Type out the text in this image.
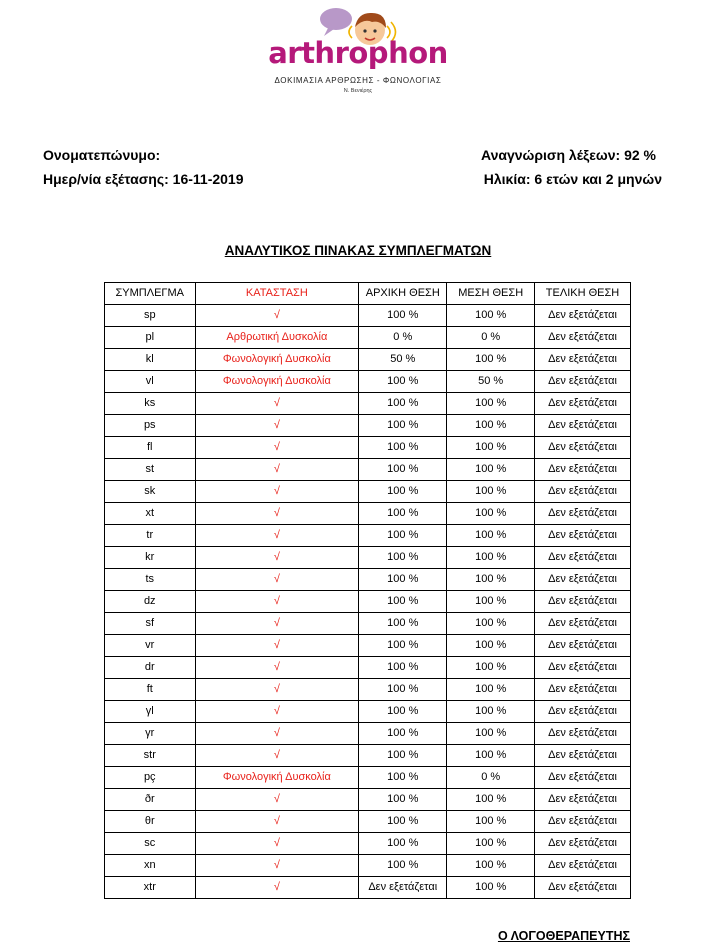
arthrophon
ΔΟΚΙΜΑΣΙΑ ΑΡΘΡΩΣΗΣ - ΦΩΝΟΛΟΓΙΑΣ
Ν. Βενιέρης
Ονοματεπώνυμο:
Ημερ/νία εξέτασης: 16-11-2019
Αναγνώριση λέξεων: 92 %
Ηλικία: 6 ετών και 2 μηνών
ΑΝΑΛΥΤΙΚΟΣ ΠΙΝΑΚΑΣ ΣΥΜΠΛΕΓΜΑΤΩΝ
ΣΥΜΠΛΕΓΜΑ	ΚΑΤΑΣΤΑΣΗ	ΑΡΧΙΚΗ ΘΕΣΗ	ΜΕΣΗ ΘΕΣΗ	ΤΕΛΙΚΗ ΘΕΣΗ
sp	√	100 %	100 %	Δεν εξετάζεται
pl	Αρθρωτική Δυσκολία	0 %	0 %	Δεν εξετάζεται
kl	Φωνολογική Δυσκολία	50 %	100 %	Δεν εξετάζεται
vl	Φωνολογική Δυσκολία	100 %	50 %	Δεν εξετάζεται
ks	√	100 %	100 %	Δεν εξετάζεται
ps	√	100 %	100 %	Δεν εξετάζεται
fl	√	100 %	100 %	Δεν εξετάζεται
st	√	100 %	100 %	Δεν εξετάζεται
sk	√	100 %	100 %	Δεν εξετάζεται
xt	√	100 %	100 %	Δεν εξετάζεται
tr	√	100 %	100 %	Δεν εξετάζεται
kr	√	100 %	100 %	Δεν εξετάζεται
ts	√	100 %	100 %	Δεν εξετάζεται
dz	√	100 %	100 %	Δεν εξετάζεται
sf	√	100 %	100 %	Δεν εξετάζεται
vr	√	100 %	100 %	Δεν εξετάζεται
dr	√	100 %	100 %	Δεν εξετάζεται
ft	√	100 %	100 %	Δεν εξετάζεται
γl	√	100 %	100 %	Δεν εξετάζεται
γr	√	100 %	100 %	Δεν εξετάζεται
str	√	100 %	100 %	Δεν εξετάζεται
pç	Φωνολογική Δυσκολία	100 %	0 %	Δεν εξετάζεται
ðr	√	100 %	100 %	Δεν εξετάζεται
θr	√	100 %	100 %	Δεν εξετάζεται
sc	√	100 %	100 %	Δεν εξετάζεται
xn	√	100 %	100 %	Δεν εξετάζεται
xtr	√	Δεν εξετάζεται	100 %	Δεν εξετάζεται
Ο ΛΟΓΟΘΕΡΑΠΕΥΤΗΣ
